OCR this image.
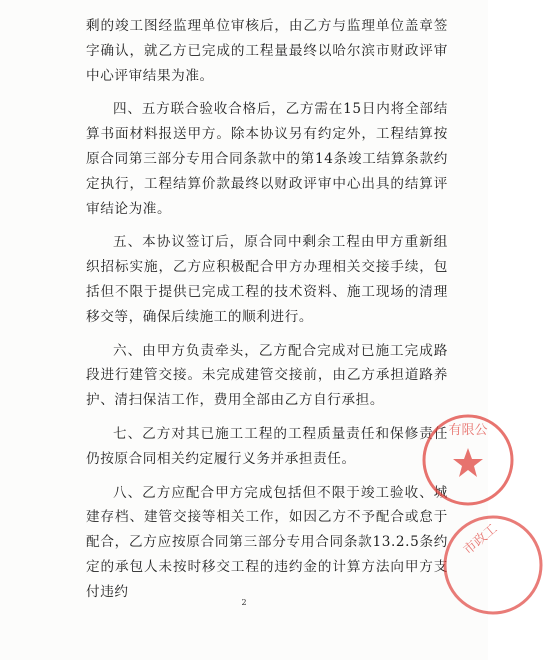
剩的竣工图经监理单位审核后，由乙方与监理单位盖章签字确认，就乙方已完成的工程量最终以哈尔滨市财政评审中心评审结果为准。

四、五方联合验收合格后，乙方需在15日内将全部结算书面材料报送甲方。除本协议另有约定外，工程结算按原合同第三部分专用合同条款中的第14条竣工结算条款约定执行，工程结算价款最终以财政评审中心出具的结算评审结论为准。

五、本协议签订后，原合同中剩余工程由甲方重新组织招标实施，乙方应积极配合甲方办理相关交接手续，包括但不限于提供已完成工程的技术资料、施工现场的清理移交等，确保后续施工的顺利进行。

六、由甲方负责牵头，乙方配合完成对已施工完成路段进行建管交接。未完成建管交接前，由乙方承担道路养护、清扫保洁工作，费用全部由乙方自行承担。

七、乙方对其已施工工程的工程质量责任和保修责任仍按原合同相关约定履行义务并承担责任。

八、乙方应配合甲方完成包括但不限于竣工验收、城建存档、建管交接等相关工作，如因乙方不予配合或怠于配合，乙方应按原合同第三部分专用合同条款13.2.5条约定的承包人未按时移交工程的违约金的计算方法向甲方支付违约

2
有限公
市政工
